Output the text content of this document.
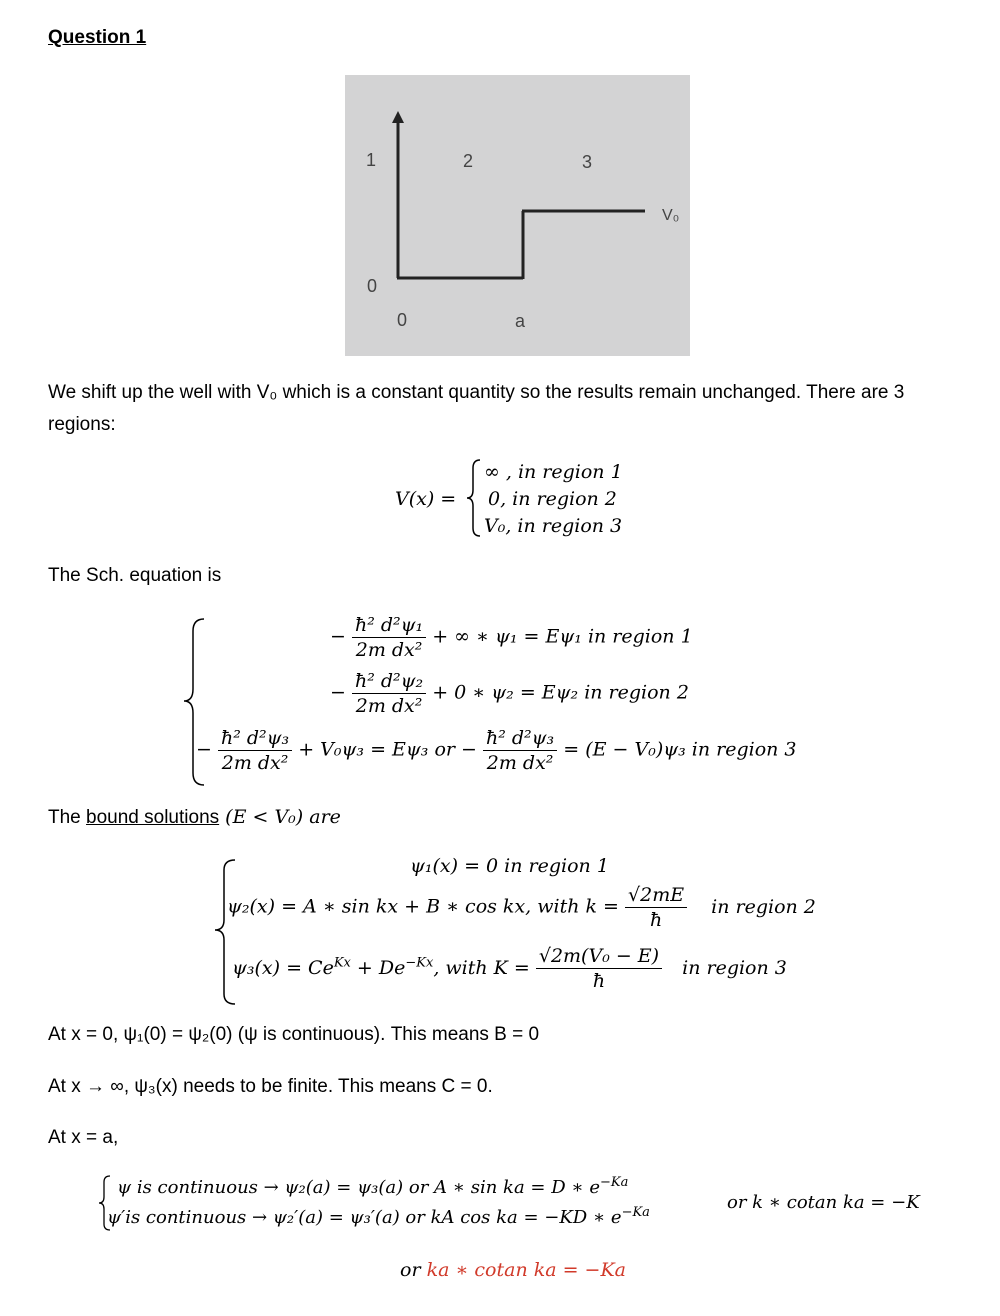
Question 1
1	2	3
V₀
0
0	a
We shift up the well with V₀ which is a constant quantity so the results remain unchanged. There are 3
regions:
V(x) =
∞ , in region 1
0, in region 2
V₀, in region 3
The Sch. equation is
− $\frac{\text{ħ² d²ψ₁}}{\text{2m dx²}}$ + ∞ ∗ ψ₁ = Eψ₁ in region 1
− $\frac{\text{ħ² d²ψ₂}}{\text{2m dx²}} + 0$ ∗ ψ₂ = Eψ₂ in region 2
− $\frac{\text{ħ² d²ψ₃}}{\text{2m dx²}} + V_0\psi_3 = E\psi_3$ or − $\frac{\text{ħ² d²ψ₃}}{\text{2m dx²}} = (E - V_0)\psi_3$ in region 3
The bound solutions (E < V₀) are
ψ₁(x) = 0 in region 1
ψ₂(x) = A ∗ sin kx + B ∗ cos kx, with $k = \frac{√2mE}{ħ}$ in region 2
$\psi_3(x) = Ce^{Kx} + De^{-Kx}$, with $K = \frac{\text{√2m(V₀ − E)}}{ħ}$ in region 3
At x = 0, ψ₁(0) = ψ₂(0) (ψ is continuous). This means B = 0
At x → ∞, ψ₃(x) needs to be finite. This means C = 0.
At x = a,
ψ is continuous → ψ₂(a) = ψ₃(a) or A ∗ sin ka = D ∗ $e^{-Ka}$
ψ′is continuous → ψ₂′(a) = ψ₃′(a) or kA cos ka = −KD ∗ $e^{-Ka}$	or k ∗ cotan ka = −K
or ka ∗ cotan ka = −Ka
